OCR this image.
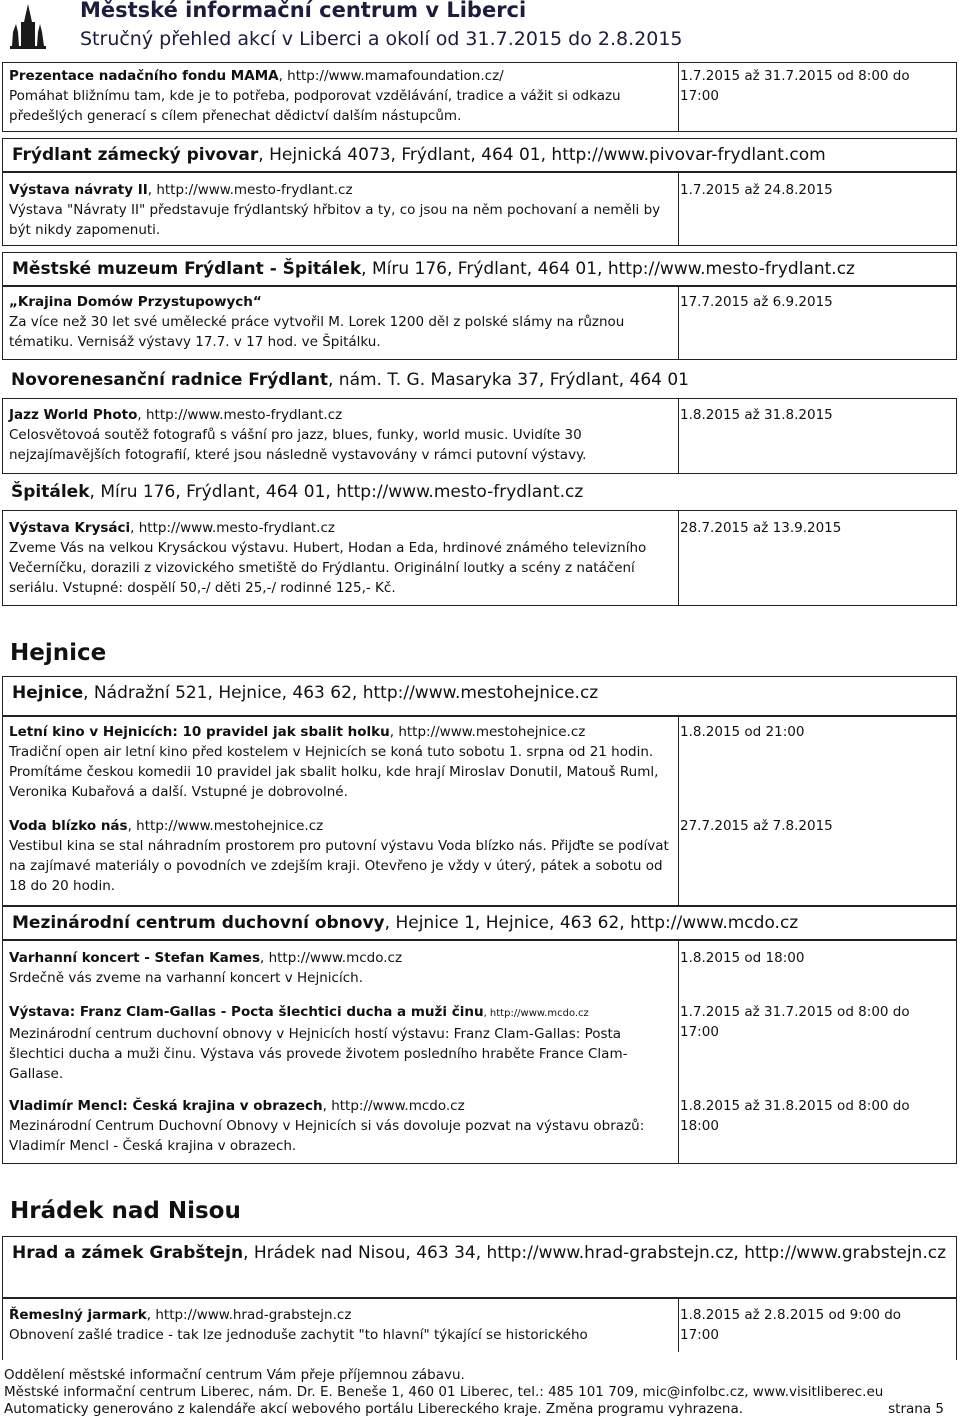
Městské informační centrum v Liberci
Stručný přehled akcí v Liberci a okolí od 31.7.2015 do 2.8.2015
Prezentace nadačního fondu MAMA, http://www.mamafoundation.cz/
Pomáhat bližnímu tam, kde je to potřeba, podporovat vzdělávání, tradice a vážit si odkazu předešlých generací s cílem přenechat dědictví dalším nástupcům.
1.7.2015 až 31.7.2015 od 8:00 do 17:00
Frýdlant zámecký pivovar, Hejnická 4073, Frýdlant, 464 01, http://www.pivovar-frydlant.com
Výstava návraty II, http://www.mesto-frydlant.cz
Výstava "Návraty II" představuje frýdlantský hřbitov a ty, co jsou na něm pochovaní a neměli by být nikdy zapomenuti.
1.7.2015 až 24.8.2015
Městské muzeum Frýdlant - Špitálek, Míru 176, Frýdlant, 464 01, http://www.mesto-frydlant.cz
„Krajina Domów Przystupowych“
Za více než 30 let své umělecké práce vytvořil M. Lorek 1200 děl z polské slámy na různou tématiku. Vernisáž výstavy 17.7. v 17 hod. ve Špitálku.
17.7.2015 až 6.9.2015
Novorenesanční radnice Frýdlant, nám. T. G. Masaryka 37, Frýdlant, 464 01
Jazz World Photo, http://www.mesto-frydlant.cz
Celosvětovoá soutěž fotografů s vášní pro jazz, blues, funky, world music. Uvidíte 30 nejzajímavějších fotografií, které jsou následně vystavovány v rámci putovní výstavy.
1.8.2015 až 31.8.2015
Špitálek, Míru 176, Frýdlant, 464 01, http://www.mesto-frydlant.cz
Výstava Krysáci, http://www.mesto-frydlant.cz
Zveme Vás na velkou Krysáckou výstavu. Hubert, Hodan a Eda, hrdinové známého televizního Večerníčku, dorazili z vizovického smetiště do Frýdlantu. Originální loutky a scény z natáčení seriálu. Vstupné: dospělí 50,-/ děti 25,-/ rodinné 125,- Kč.
28.7.2015 až 13.9.2015
Hejnice
Hejnice, Nádražní 521, Hejnice, 463 62, http://www.mestohejnice.cz
Letní kino v Hejnicích: 10 pravidel jak sbalit holku, http://www.mestohejnice.cz
Tradiční open air letní kino před kostelem v Hejnicích se koná tuto sobotu 1. srpna od 21 hodin. Promítáme českou komedii 10 pravidel jak sbalit holku, kde hrají Miroslav Donutil, Matouš Ruml, Veronika Kubařová a další. Vstupné je dobrovolné.
1.8.2015 od 21:00
Voda blízko nás, http://www.mestohejnice.cz
Vestibul kina se stal náhradním prostorem pro putovní výstavu Voda blízko nás. Přijďte se podívat na zajímavé materiály o povodních ve zdejším kraji. Otevřeno je vždy v úterý, pátek a sobotu od 18 do 20 hodin.
27.7.2015 až 7.8.2015
Mezinárodní centrum duchovní obnovy, Hejnice 1, Hejnice, 463 62, http://www.mcdo.cz
Varhanní koncert - Stefan Kames, http://www.mcdo.cz
Srdečně vás zveme na varhanní koncert v Hejnicích.
1.8.2015 od 18:00
Výstava: Franz Clam-Gallas - Pocta šlechtici ducha a muži činu, http://www.mcdo.cz
Mezinárodní centrum duchovní obnovy v Hejnicích hostí výstavu: Franz Clam-Gallas: Posta šlechtici ducha a muži činu. Výstava vás provede životem posledního hraběte France Clam-Gallase.
1.7.2015 až 31.7.2015 od 8:00 do 17:00
Vladimír Mencl: Česká krajina v obrazech, http://www.mcdo.cz
Mezinárodní Centrum Duchovní Obnovy v Hejnicích si vás dovoluje pozvat na výstavu obrazů: Vladimír Mencl - Česká krajina v obrazech.
1.8.2015 až 31.8.2015 od 8:00 do 18:00
Hrádek nad Nisou
Hrad a zámek Grabštejn, Hrádek nad Nisou, 463 34, http://www.hrad-grabstejn.cz, http://www.grabstejn.cz
Řemeslný jarmark, http://www.hrad-grabstejn.cz
Obnovení zašlé tradice - tak lze jednoduše zachytit "to hlavní" týkající se historického
1.8.2015 až 2.8.2015 od 9:00 do 17:00
Oddělení městské informační centrum Vám přeje příjemnou zábavu.
Městské informační centrum Liberec, nám. Dr. E. Beneše 1, 460 01 Liberec, tel.: 485 101 709, mic@infolbc.cz, www.visitliberec.eu
Automaticky generováno z kalendáře akcí webového portálu Libereckého kraje. Změna programu vyhrazena.	strana 5
